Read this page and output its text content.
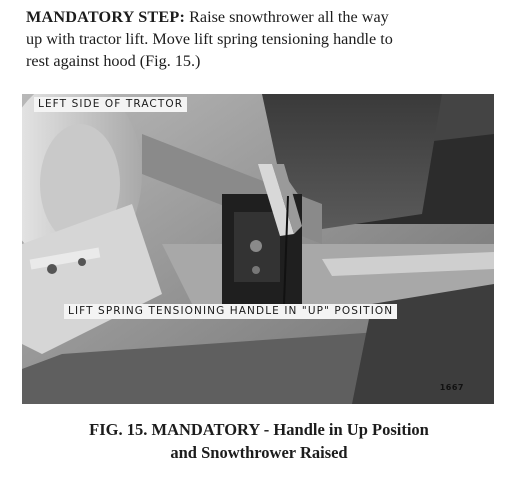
MANDATORY STEP: Raise snowthrower all the way
up with tractor lift. Move lift spring tensioning handle to
rest against hood (Fig. 15.)
LEFT SIDE OF TRACTOR
LIFT SPRING TENSIONING HANDLE IN "UP" POSITION
1667
FIG. 15. MANDATORY - Handle in Up Position
and Snowthrower Raised
